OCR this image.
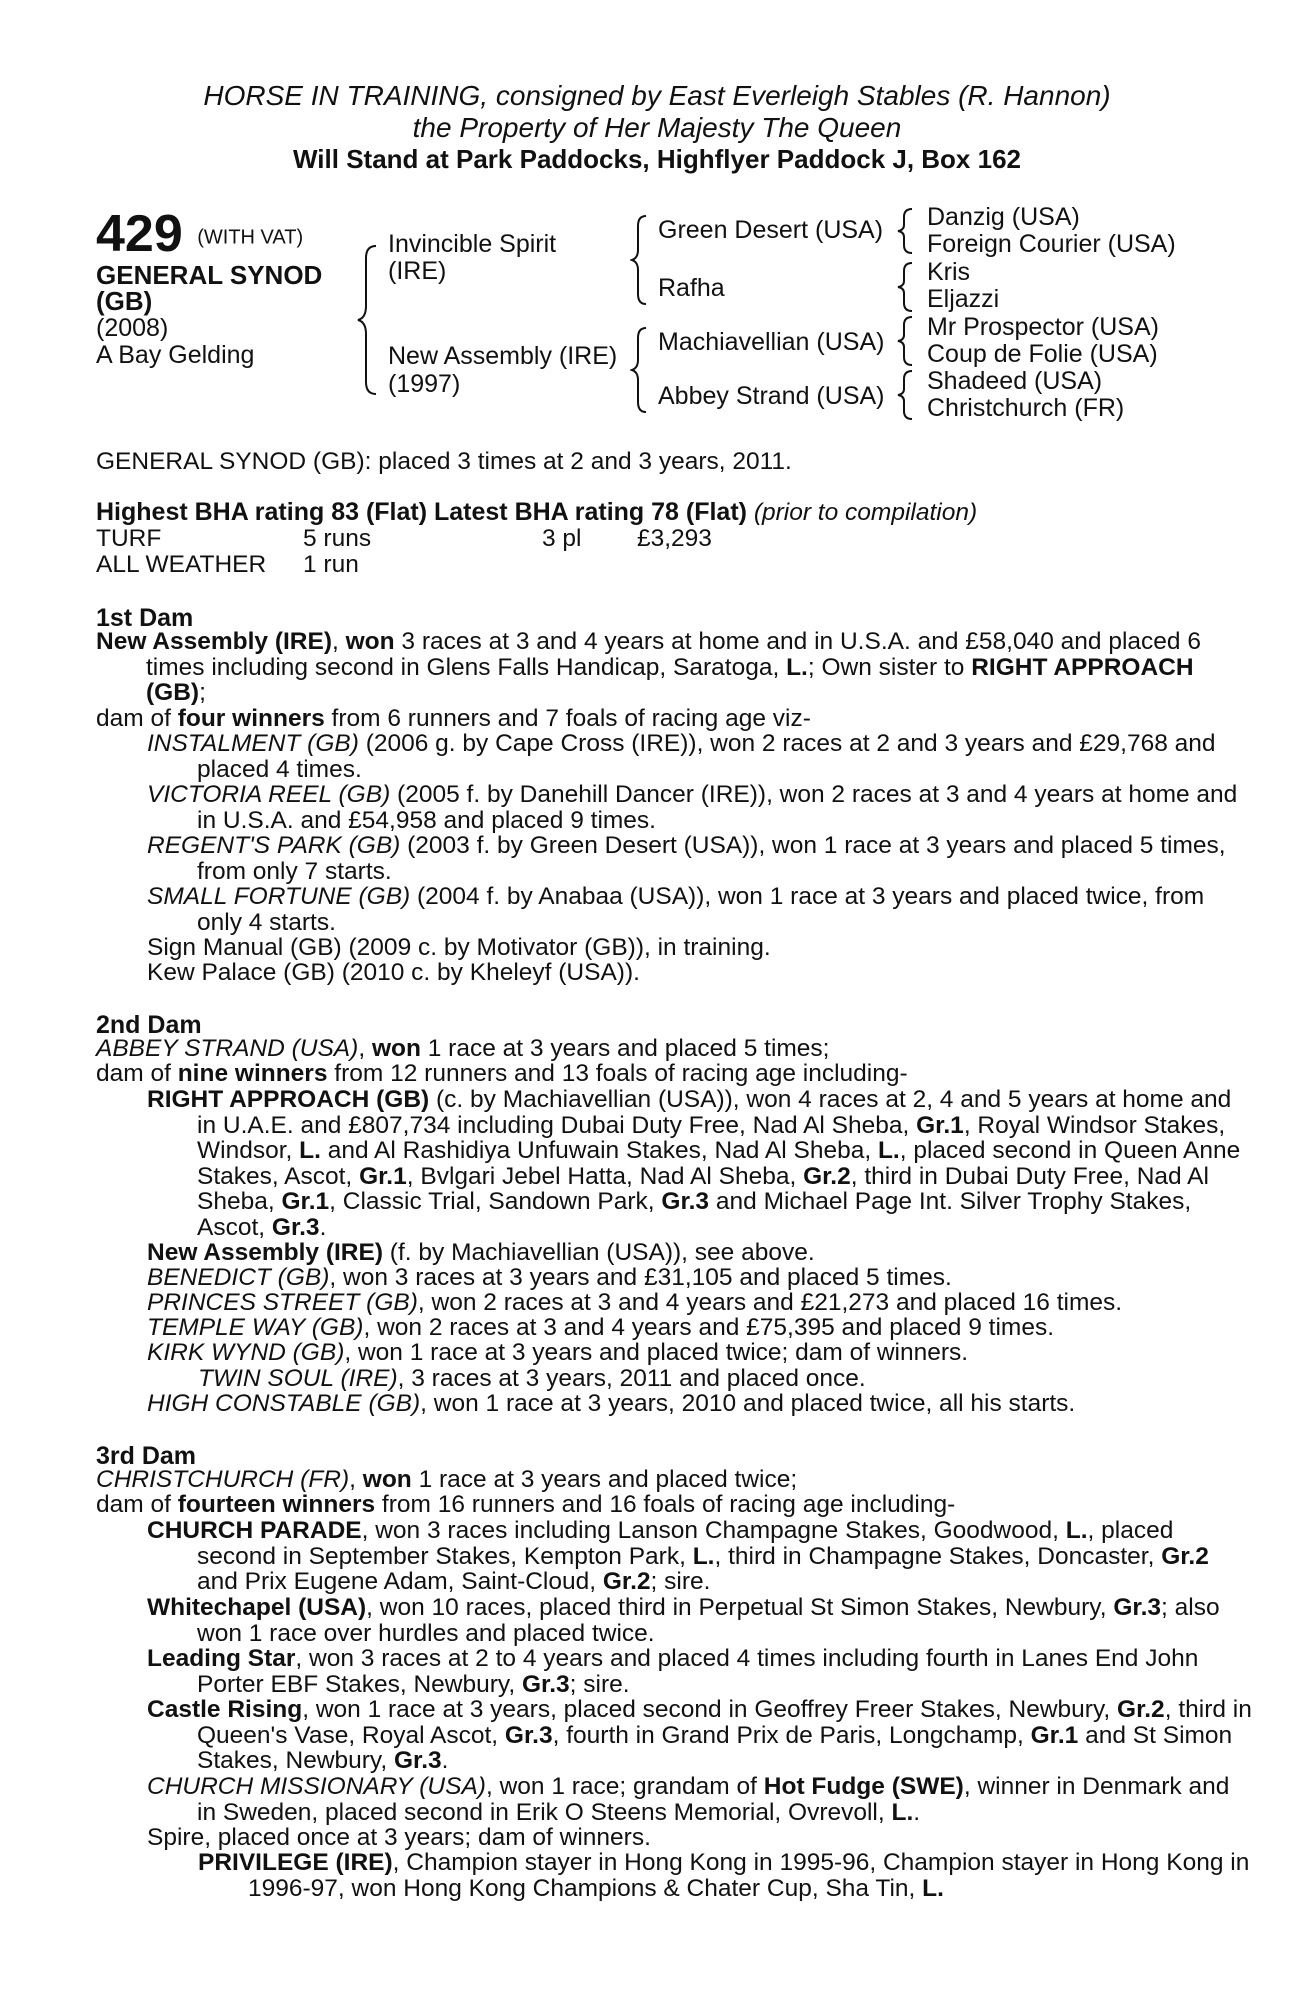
HORSE IN TRAINING, consigned by East Everleigh Stables (R. Hannon)
the Property of Her Majesty The Queen
Will Stand at Park Paddocks, Highflyer Paddock J, Box 162
429 (WITH VAT)
GENERAL SYNOD
(GB)
(2008)
A Bay Gelding
Invincible Spirit
(IRE)
New Assembly (IRE)
(1997)
Green Desert (USA)
Rafha
Machiavellian (USA)
Abbey Strand (USA)
Danzig (USA)
Foreign Courier (USA)
Kris
Eljazzi
Mr Prospector (USA)
Coup de Folie (USA)
Shadeed (USA)
Christchurch (FR)
GENERAL SYNOD (GB): placed 3 times at 2 and 3 years, 2011.
Highest BHA rating 83 (Flat) Latest BHA rating 78 (Flat) (prior to compilation)
TURF	5 runs	3 pl £3,293
ALL WEATHER 1 run
1st Dam
New Assembly (IRE), won 3 races at 3 and 4 years at home and in U.S.A. and £58,040 and placed 6 times including second in Glens Falls Handicap, Saratoga, L.; Own sister to RIGHT APPROACH (GB);
dam of four winners from 6 runners and 7 foals of racing age viz-
INSTALMENT (GB) (2006 g. by Cape Cross (IRE)), won 2 races at 2 and 3 years and £29,768 and placed 4 times.
VICTORIA REEL (GB) (2005 f. by Danehill Dancer (IRE)), won 2 races at 3 and 4 years at home and in U.S.A. and £54,958 and placed 9 times.
REGENT'S PARK (GB) (2003 f. by Green Desert (USA)), won 1 race at 3 years and placed 5 times, from only 7 starts.
SMALL FORTUNE (GB) (2004 f. by Anabaa (USA)), won 1 race at 3 years and placed twice, from only 4 starts.
Sign Manual (GB) (2009 c. by Motivator (GB)), in training.
Kew Palace (GB) (2010 c. by Kheleyf (USA)).
2nd Dam
ABBEY STRAND (USA), won 1 race at 3 years and placed 5 times;
dam of nine winners from 12 runners and 13 foals of racing age including-
RIGHT APPROACH (GB) (c. by Machiavellian (USA)), won 4 races at 2, 4 and 5 years at home and in U.A.E. and £807,734 including Dubai Duty Free, Nad Al Sheba, Gr.1, Royal Windsor Stakes, Windsor, L. and Al Rashidiya Unfuwain Stakes, Nad Al Sheba, L., placed second in Queen Anne Stakes, Ascot, Gr.1, Bvlgari Jebel Hatta, Nad Al Sheba, Gr.2, third in Dubai Duty Free, Nad Al Sheba, Gr.1, Classic Trial, Sandown Park, Gr.3 and Michael Page Int. Silver Trophy Stakes, Ascot, Gr.3.
New Assembly (IRE) (f. by Machiavellian (USA)), see above.
BENEDICT (GB), won 3 races at 3 years and £31,105 and placed 5 times.
PRINCES STREET (GB), won 2 races at 3 and 4 years and £21,273 and placed 16 times.
TEMPLE WAY (GB), won 2 races at 3 and 4 years and £75,395 and placed 9 times.
KIRK WYND (GB), won 1 race at 3 years and placed twice; dam of winners.
TWIN SOUL (IRE), 3 races at 3 years, 2011 and placed once.
HIGH CONSTABLE (GB), won 1 race at 3 years, 2010 and placed twice, all his starts.
3rd Dam
CHRISTCHURCH (FR), won 1 race at 3 years and placed twice;
dam of fourteen winners from 16 runners and 16 foals of racing age including-
CHURCH PARADE, won 3 races including Lanson Champagne Stakes, Goodwood, L., placed second in September Stakes, Kempton Park, L., third in Champagne Stakes, Doncaster, Gr.2 and Prix Eugene Adam, Saint-Cloud, Gr.2; sire.
Whitechapel (USA), won 10 races, placed third in Perpetual St Simon Stakes, Newbury, Gr.3; also won 1 race over hurdles and placed twice.
Leading Star, won 3 races at 2 to 4 years and placed 4 times including fourth in Lanes End John Porter EBF Stakes, Newbury, Gr.3; sire.
Castle Rising, won 1 race at 3 years, placed second in Geoffrey Freer Stakes, Newbury, Gr.2, third in Queen's Vase, Royal Ascot, Gr.3, fourth in Grand Prix de Paris, Longchamp, Gr.1 and St Simon Stakes, Newbury, Gr.3.
CHURCH MISSIONARY (USA), won 1 race; grandam of Hot Fudge (SWE), winner in Denmark and in Sweden, placed second in Erik O Steens Memorial, Ovrevoll, L..
Spire, placed once at 3 years; dam of winners.
PRIVILEGE (IRE), Champion stayer in Hong Kong in 1995-96, Champion stayer in Hong Kong in 1996-97, won Hong Kong Champions & Chater Cup, Sha Tin, L.
